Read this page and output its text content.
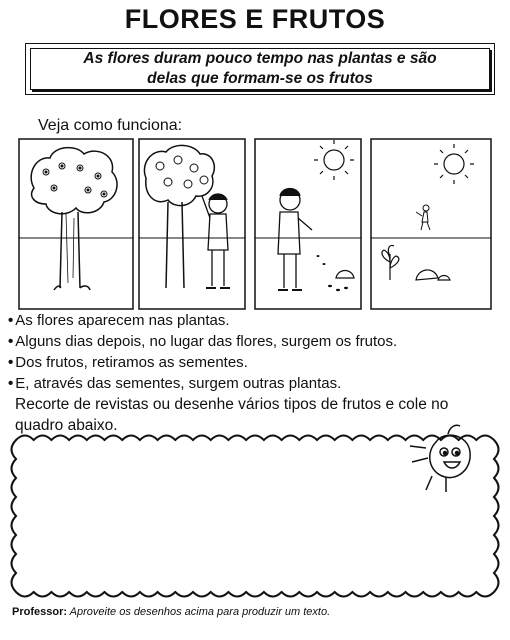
FLORES E FRUTOS
As flores duram pouco tempo nas plantas e são
delas que formam-se os frutos
Veja como funciona:
• As flores aparecem nas plantas.
• Alguns dias depois, no lugar das flores, surgem os frutos.
• Dos frutos, retiramos as sementes.
• E, através das sementes, surgem outras plantas.
Recorte de revistas ou desenhe vários tipos de frutos e cole no quadro abaixo.
Professor: Aproveite os desenhos acima para produzir um texto.
